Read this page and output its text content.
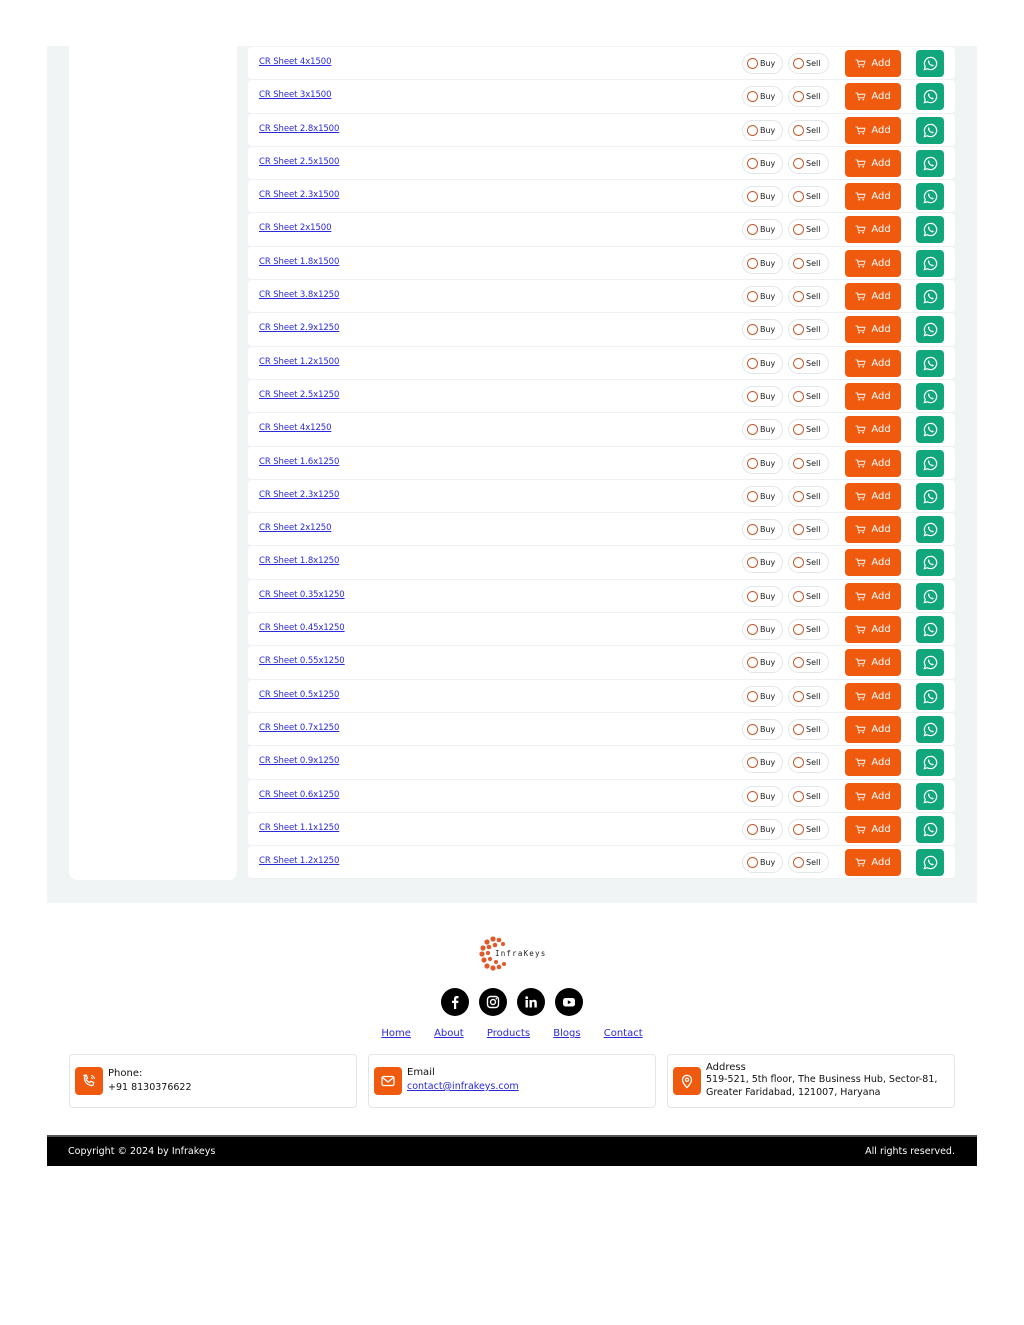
CR Sheet 4x1500	Buy	Sell	Add
CR Sheet 3x1500	Buy	Sell	Add
CR Sheet 2.8x1500	Buy	Sell	Add
CR Sheet 2.5x1500	Buy	Sell	Add
CR Sheet 2.3x1500	Buy	Sell	Add
CR Sheet 2x1500	Buy	Sell	Add
CR Sheet 1.8x1500	Buy	Sell	Add
CR Sheet 3.8x1250	Buy	Sell	Add
CR Sheet 2.9x1250	Buy	Sell	Add
CR Sheet 1.2x1500	Buy	Sell	Add
CR Sheet 2.5x1250	Buy	Sell	Add
CR Sheet 4x1250	Buy	Sell	Add
CR Sheet 1.6x1250	Buy	Sell	Add
CR Sheet 2.3x1250	Buy	Sell	Add
CR Sheet 2x1250	Buy	Sell	Add
CR Sheet 1.8x1250	Buy	Sell	Add
CR Sheet 0.35x1250	Buy	Sell	Add
CR Sheet 0.45x1250	Buy	Sell	Add
CR Sheet 0.55x1250	Buy	Sell	Add
CR Sheet 0.5x1250	Buy	Sell	Add
CR Sheet 0.7x1250	Buy	Sell	Add
CR Sheet 0.9x1250	Buy	Sell	Add
CR Sheet 0.6x1250	Buy	Sell	Add
CR Sheet 1.1x1250	Buy	Sell	Add
CR Sheet 1.2x1250	Buy	Sell	Add
InfraKeys
Home About Products Blogs Contact
Phone:
+91 8130376622
Email
contact@infrakeys.com
Address
519-521, 5th floor, The Business Hub, Sector-81,
Greater Faridabad, 121007, Haryana
Copyright © 2024 by Infrakeys	All rights reserved.
